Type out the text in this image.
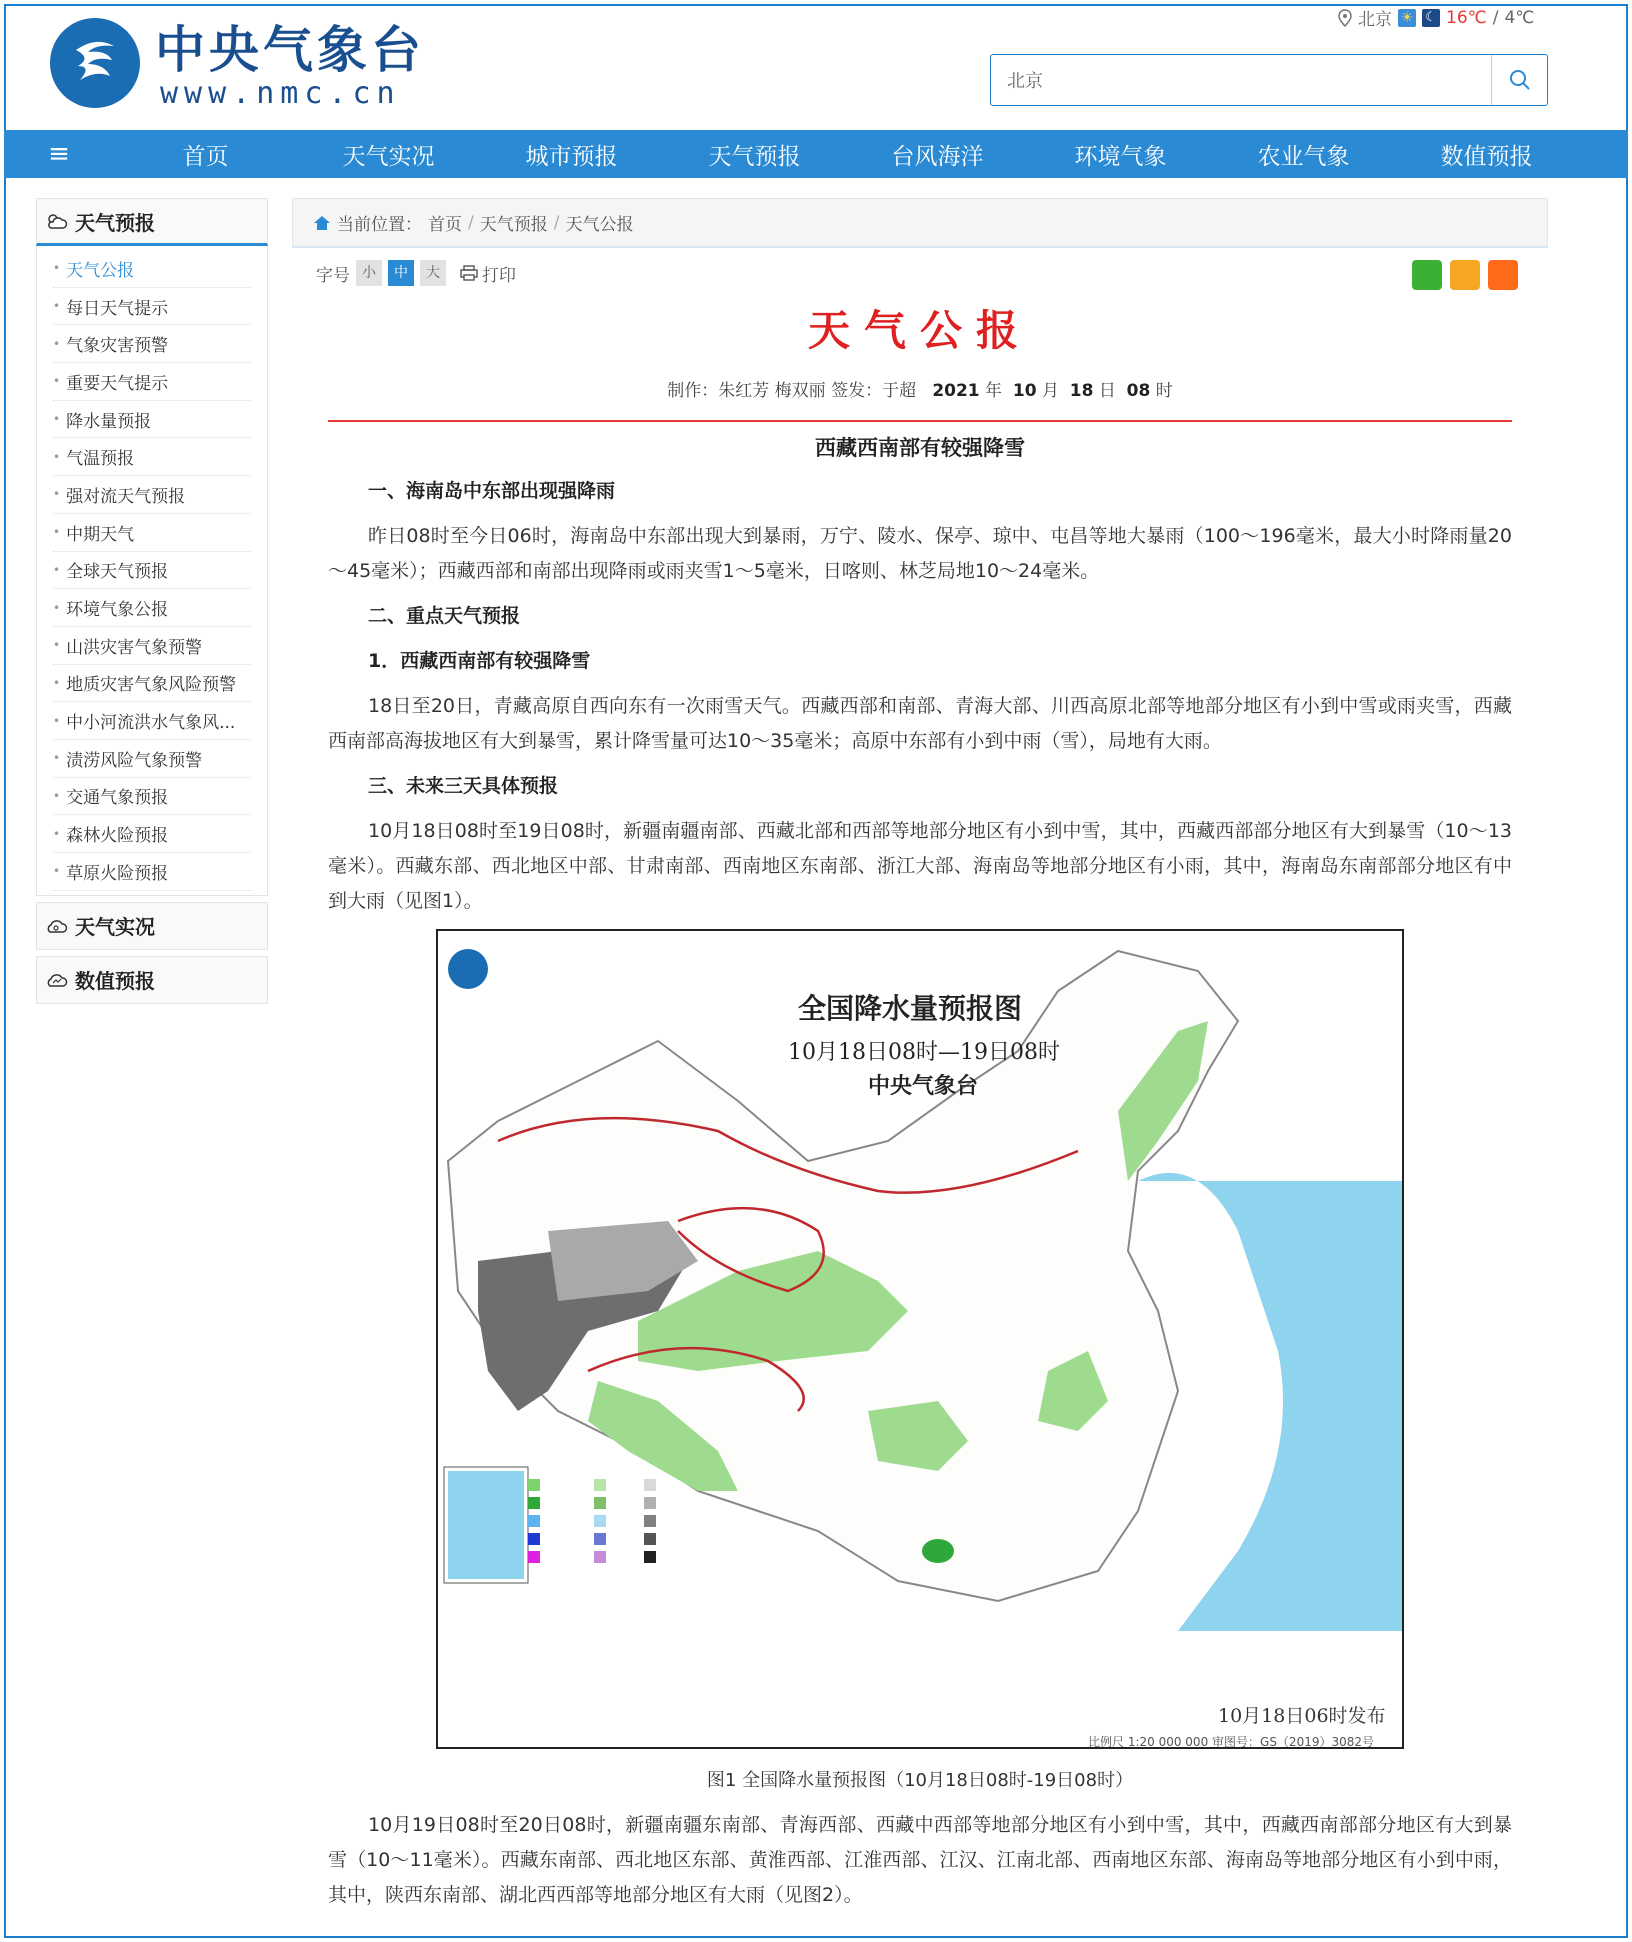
中央气象台
www.nmc.cn
北京 ☀ ☾ 16℃ / 4℃
北京
≡	首页	天气实况	城市预报	天气预报	台风海洋	环境气象	农业气象	数值预报
天气预报
• 天气公报
• 每日天气提示
• 气象灾害预警
• 重要天气提示
• 降水量预报
• 气温预报
• 强对流天气预报
• 中期天气
• 全球天气预报
• 环境气象公报
• 山洪灾害气象预警
• 地质灾害气象风险预警
• 中小河流洪水气象风...
• 渍涝风险气象预警
• 交通气象预报
• 森林火险预报
• 草原火险预报
天气实况
数值预报
当前位置： 首页 / 天气预报 / 天气公报
字号 小	中	大	打印
天气公报
制作：朱红芳 梅双丽 签发：于超 2021 年 10 月 18 日 08 时
西藏西南部有较强降雪
一、海南岛中东部出现强降雨

昨日08时至今日06时，海南岛中东部出现大到暴雨，万宁、陵水、保亭、琼中、屯昌等地大暴雨（100～196毫米，最大小时降雨量20～45毫米）；西藏西部和南部出现降雨或雨夹雪1～5毫米，日喀则、林芝局地10～24毫米。

二、重点天气预报
1．西藏西南部有较强降雪

18日至20日，青藏高原自西向东有一次雨雪天气。西藏西部和南部、青海大部、川西高原北部等地部分地区有小到中雪或雨夹雪，西藏西南部高海拔地区有大到暴雪，累计降雪量可达10～35毫米；高原中东部有小到中雨（雪），局地有大雨。

三、未来三天具体预报

10月18日08时至19日08时，新疆南疆南部、西藏北部和西部等地部分地区有小到中雪，其中，西藏西部部分地区有大到暴雪（10～13毫米）。西藏东部、西北地区中部、甘肃南部、西南地区东南部、浙江大部、海南岛等地部分地区有小雨，其中，海南岛东南部部分地区有中到大雨（见图1）。

全国降水量预报图
10月18日08时—19日08时
中央气象台
10月18日06时发布
比例尺 1:20 000 000 审图号：GS（2019）3082号
图1 全国降水量预报图（10月18日08时-19日08时）

10月19日08时至20日08时，新疆南疆东南部、青海西部、西藏中西部等地部分地区有小到中雪，其中，西藏西南部部分地区有大到暴雪（10～11毫米）。西藏东南部、西北地区东部、黄淮西部、江淮西部、江汉、江南北部、西南地区东部、海南岛等地部分地区有小到中雨，其中，陕西东南部、湖北西西部等地部分地区有大雨（见图2）。
